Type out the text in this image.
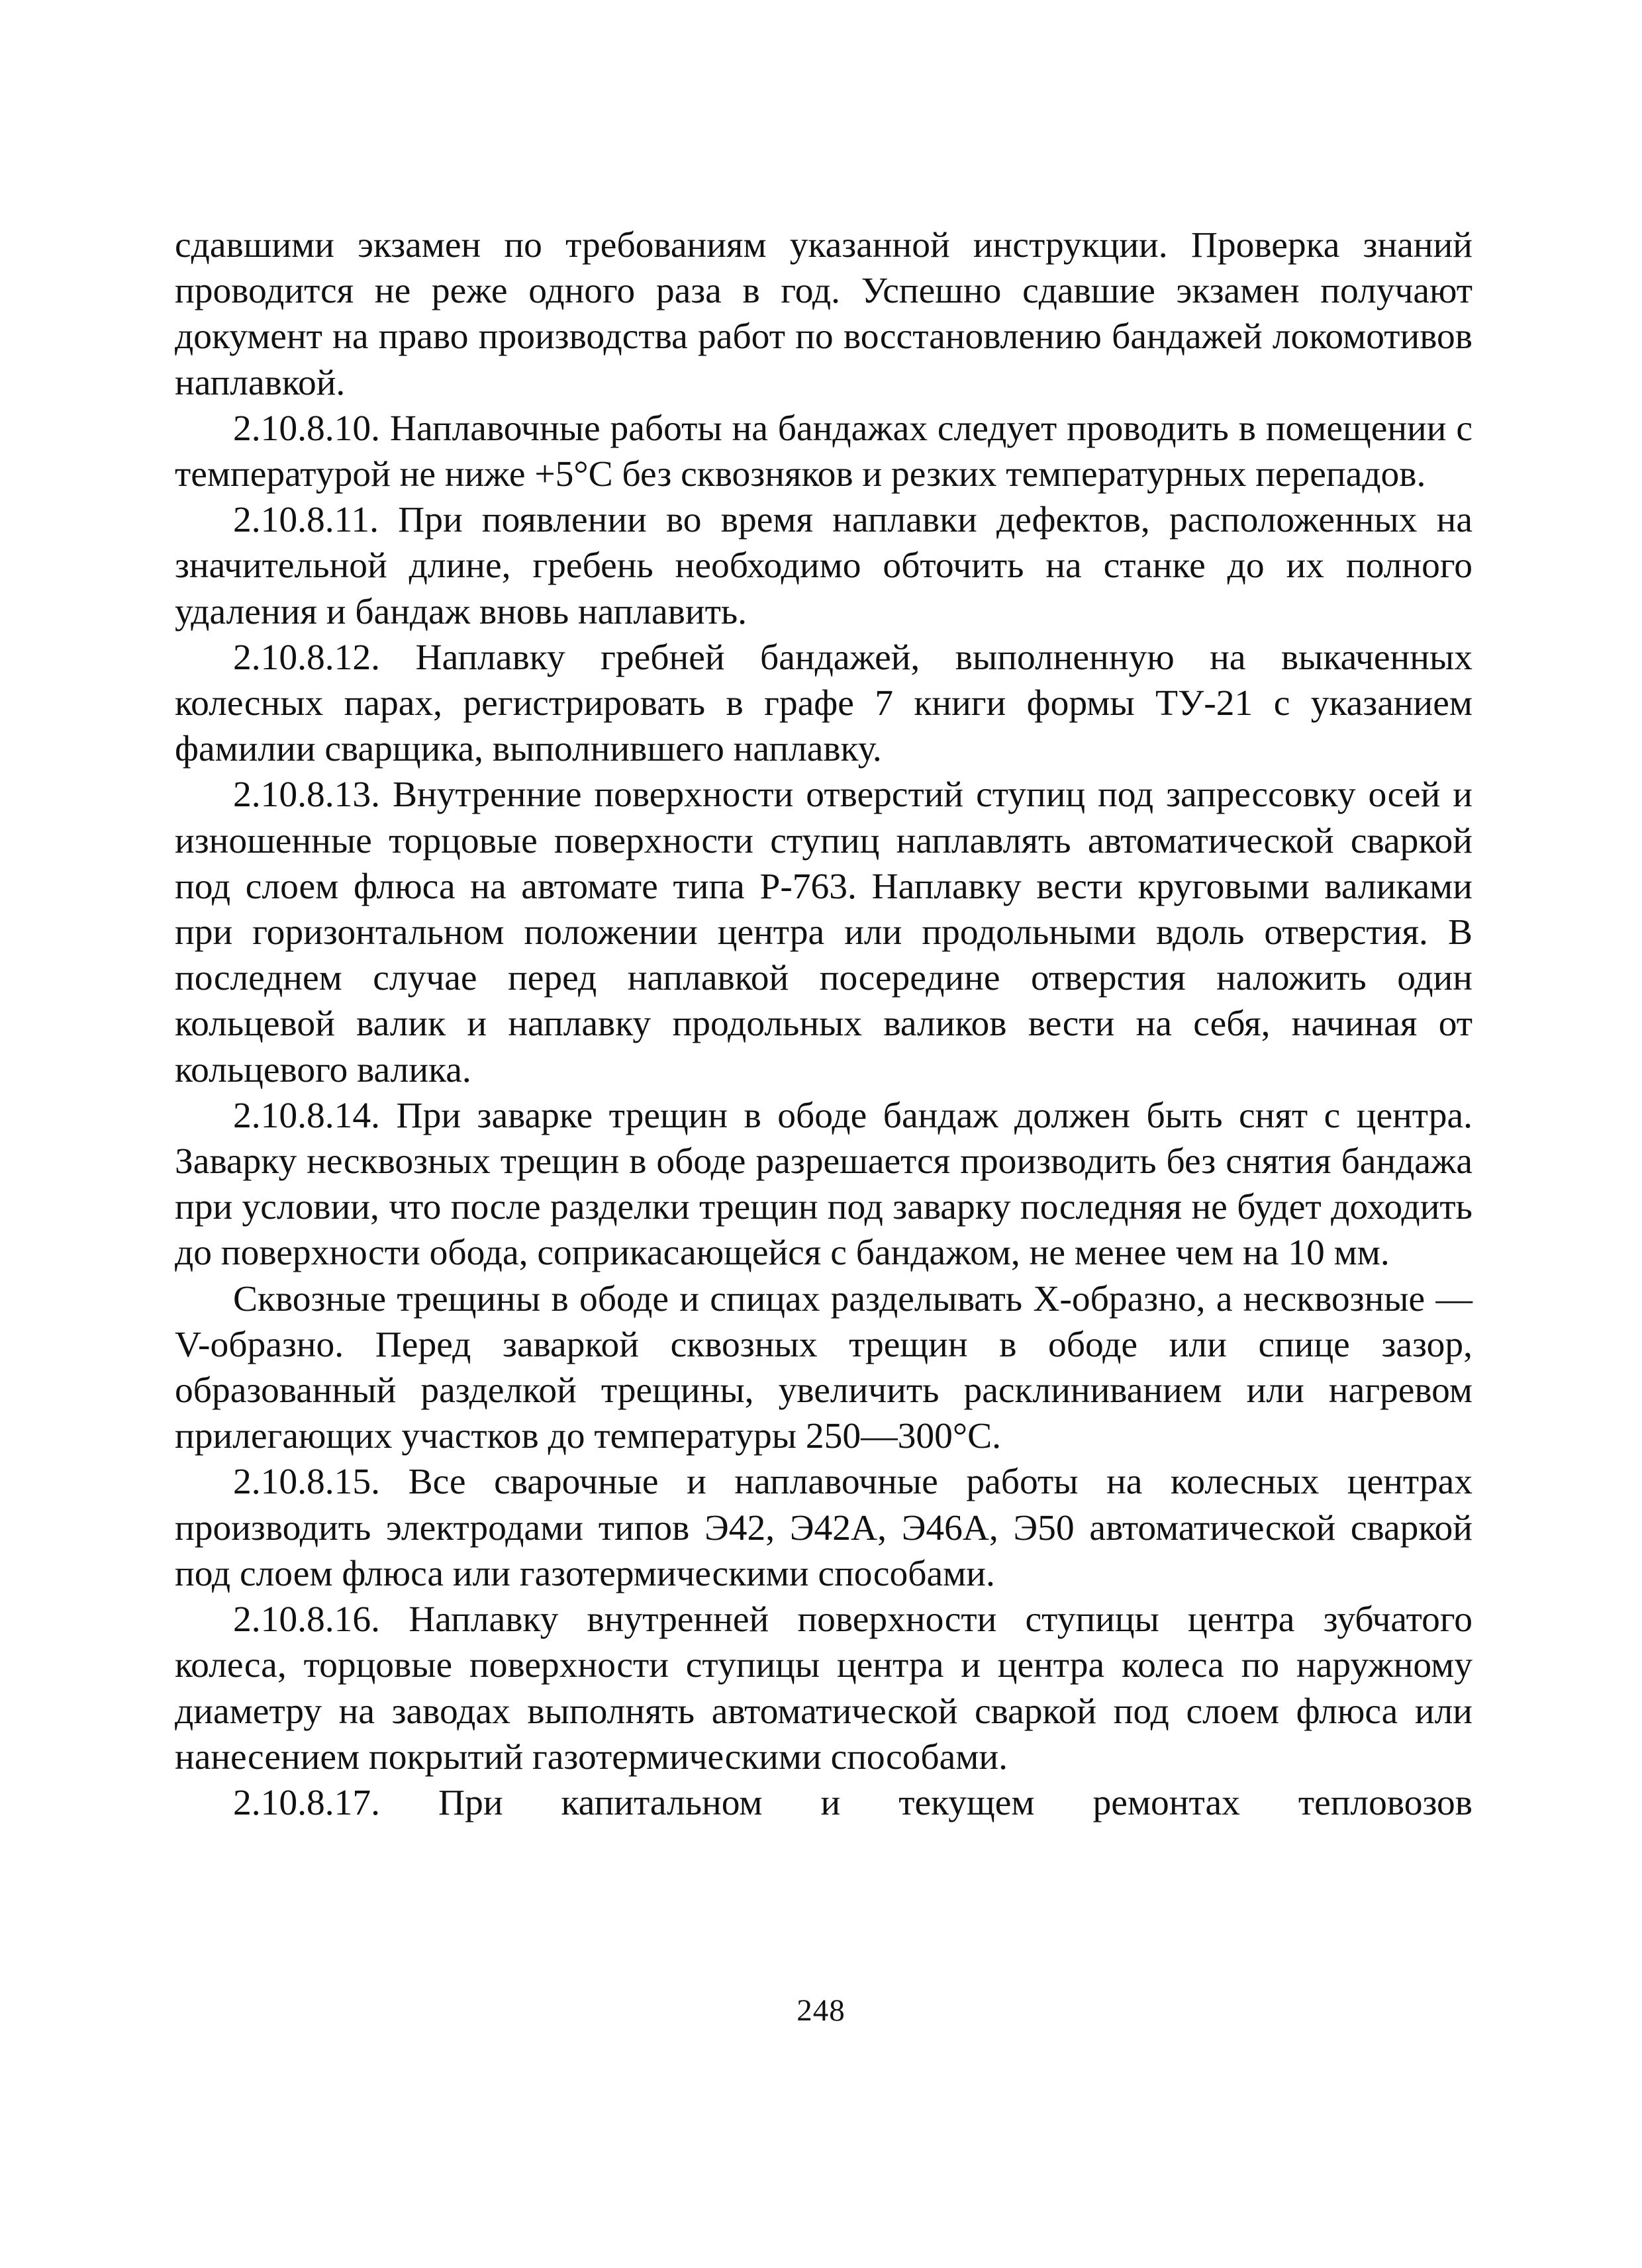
сдавшими экзамен по требованиям указанной инструкции. Проверка знаний проводится не реже одного раза в год. Успешно сдавшие экзамен получают документ на право производства работ по восстановлению бандажей локомотивов наплавкой.

2.10.8.10. Наплавочные работы на бандажах следует проводить в помещении с температурой не ниже +5°С без сквозняков и резких температурных перепадов.

2.10.8.11. При появлении во время наплавки дефектов, расположенных на значительной длине, гребень необходимо обточить на станке до их полного удаления и бандаж вновь наплавить.

2.10.8.12. Наплавку гребней бандажей, выполненную на выкаченных колесных парах, регистрировать в графе 7 книги формы ТУ-21 с указанием фамилии сварщика, выполнившего наплавку.

2.10.8.13. Внутренние поверхности отверстий ступиц под запрессовку осей и изношенные торцовые поверхности ступиц наплавлять автоматической сваркой под слоем флюса на автомате типа Р-763. Наплавку вести круговыми валиками при горизонтальном положении центра или продольными вдоль отверстия. В последнем случае перед наплавкой посередине отверстия наложить один кольцевой валик и наплавку продольных валиков вести на себя, начиная от кольцевого валика.

2.10.8.14. При заварке трещин в ободе бандаж должен быть снят с центра. Заварку несквозных трещин в ободе разрешается производить без снятия бандажа при условии, что после разделки трещин под заварку последняя не будет доходить до поверхности обода, соприкасающейся с бандажом, не менее чем на 10 мм.

Сквозные трещины в ободе и спицах разделывать Х-образно, а несквозные — V-образно. Перед заваркой сквозных трещин в ободе или спице зазор, образованный разделкой трещины, увеличить расклиниванием или нагревом прилегающих участков до температуры 250—300°С.

2.10.8.15. Все сварочные и наплавочные работы на колесных центрах производить электродами типов Э42, Э42А, Э46А, Э50 автоматической сваркой под слоем флюса или газотермическими способами.

2.10.8.16. Наплавку внутренней поверхности ступицы центра зубчатого колеса, торцовые поверхности ступицы центра и центра колеса по наружному диаметру на заводах выполнять автоматической сваркой под слоем флюса или нанесением покрытий газотермическими способами.

2.10.8.17. При капитальном и текущем ремонтах тепловозов

248
